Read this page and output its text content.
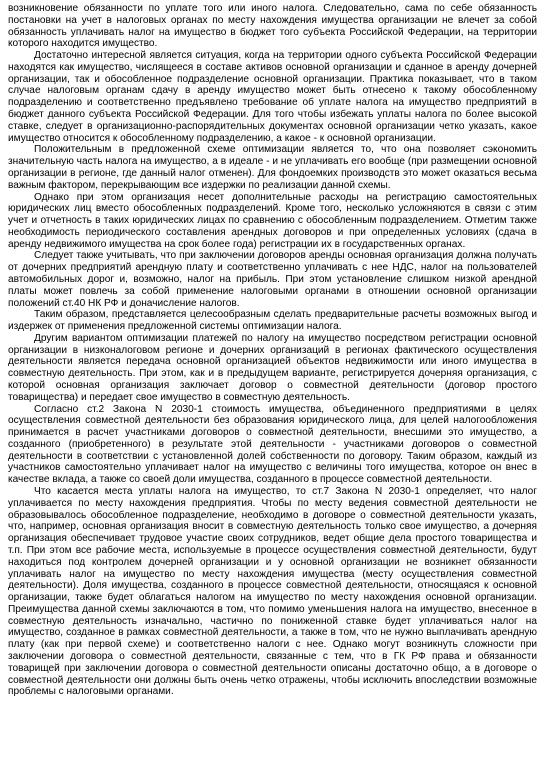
возникновение обязанности по уплате того или иного налога. Следовательно, сама по себе обязанность постановки на учет в налоговых органах по месту нахождения имущества организации не влечет за собой обязанность уплачивать налог на имущество в бюджет того субъекта Российской Федерации, на территории которого находится имущество.

Достаточно интересной является ситуация, когда на территории одного субъекта Российской Федерации находятся как имущество, числящееся в составе активов основной организации и сданное в аренду дочерней организации, так и обособленное подразделение основной организации. Практика показывает, что в таком случае налоговым органам сдачу в аренду имущество может быть отнесено к такому обособленному подразделению и соответственно предъявлено требование об уплате налога на имущество предприятий в бюджет данного субъекта Российской Федерации. Для того чтобы избежать уплаты налога по более высокой ставке, следует в организационно-распорядительных документах основной организации четко указать, какое имущество относится к обособленному подразделению, а какое - к основной организации.

Положительным в предложенной схеме оптимизации является то, что она позволяет сэкономить значительную часть налога на имущество, а в идеале - и не уплачивать его вообще (при размещении основной организации в регионе, где данный налог отменен). Для фондоемких производств это может оказаться весьма важным фактором, перекрывающим все издержки по реализации данной схемы.

Однако при этом организация несет дополнительные расходы на регистрацию самостоятельных юридических лиц вместо обособленных подразделений. Кроме того, несколько усложняются в связи с этим учет и отчетность в таких юридических лицах по сравнению с обособленным подразделением. Отметим также необходимость периодического составления арендных договоров и при определенных условиях (сдача в аренду недвижимого имущества на срок более года) регистрации их в государственных органах.

Следует также учитывать, что при заключении договоров аренды основная организация должна получать от дочерних предприятий арендную плату и соответственно уплачивать с нее НДС, налог на пользователей автомобильных дорог и, возможно, налог на прибыль. При этом установление слишком низкой арендной платы может повлечь за собой применение налоговыми органами в отношении основной организации положений ст.40 НК РФ и доначисление налогов.

Таким образом, представляется целесообразным сделать предварительные расчеты возможных выгод и издержек от применения предложенной системы оптимизации налога.

Другим вариантом оптимизации платежей по налогу на имущество посредством регистрации основной организации в низконалоговом регионе и дочерних организаций в регионах фактического осуществления деятельности является передача основной организацией объектов недвижимости или иного имущества в совместную деятельность. При этом, как и в предыдущем варианте, регистрируется дочерняя организация, с которой основная организация заключает договор о совместной деятельности (договор простого товарищества) и передает свое имущество в совместную деятельность.

Согласно ст.2 Закона N 2030-1 стоимость имущества, объединенного предприятиями в целях осуществления совместной деятельности без образования юридического лица, для целей налогообложения принимается в расчет участниками договоров о совместной деятельности, внесшими это имущество, а созданного (приобретенного) в результате этой деятельности - участниками договоров о совместной деятельности в соответствии с установленной долей собственности по договору. Таким образом, каждый из участников самостоятельно уплачивает налог на имущество с величины того имущества, которое он внес в качестве вклада, а также со своей доли имущества, созданного в процессе совместной деятельности.

Что касается места уплаты налога на имущество, то ст.7 Закона N 2030-1 определяет, что налог уплачивается по месту нахождения предприятия. Чтобы по месту ведения совместной деятельности не образовывалось обособленное подразделение, необходимо в договоре о совместной деятельности указать, что, например, основная организация вносит в совместную деятельность только свое имущество, а дочерняя организация обеспечивает трудовое участие своих сотрудников, ведет общие дела простого товарищества и т.п. При этом все рабочие места, используемые в процессе осуществления совместной деятельности, будут находиться под контролем дочерней организации и у основной организации не возникнет обязанности уплачивать налог на имущество по месту нахождения имущества (месту осуществления совместной деятельности). Доля имущества, созданного в процессе совместной деятельности, относящаяся к основной организации, также будет облагаться налогом на имущество по месту нахождения основной организации. Преимущества данной схемы заключаются в том, что помимо уменьшения налога на имущество, внесенное в совместную деятельность изначально, частично по пониженной ставке будет уплачиваться налог на имущество, созданное в рамках совместной деятельности, а также в том, что не нужно выплачивать арендную плату (как при первой схеме) и соответственно налоги с нее. Однако могут возникнуть сложности при заключении договора о совместной деятельности, связанные с тем, что в ГК РФ права и обязанности товарищей при заключении договора о совместной деятельности описаны достаточно общо, а в договоре о совместной деятельности они должны быть очень четко отражены, чтобы исключить впоследствии возможные проблемы с налоговыми органами.
